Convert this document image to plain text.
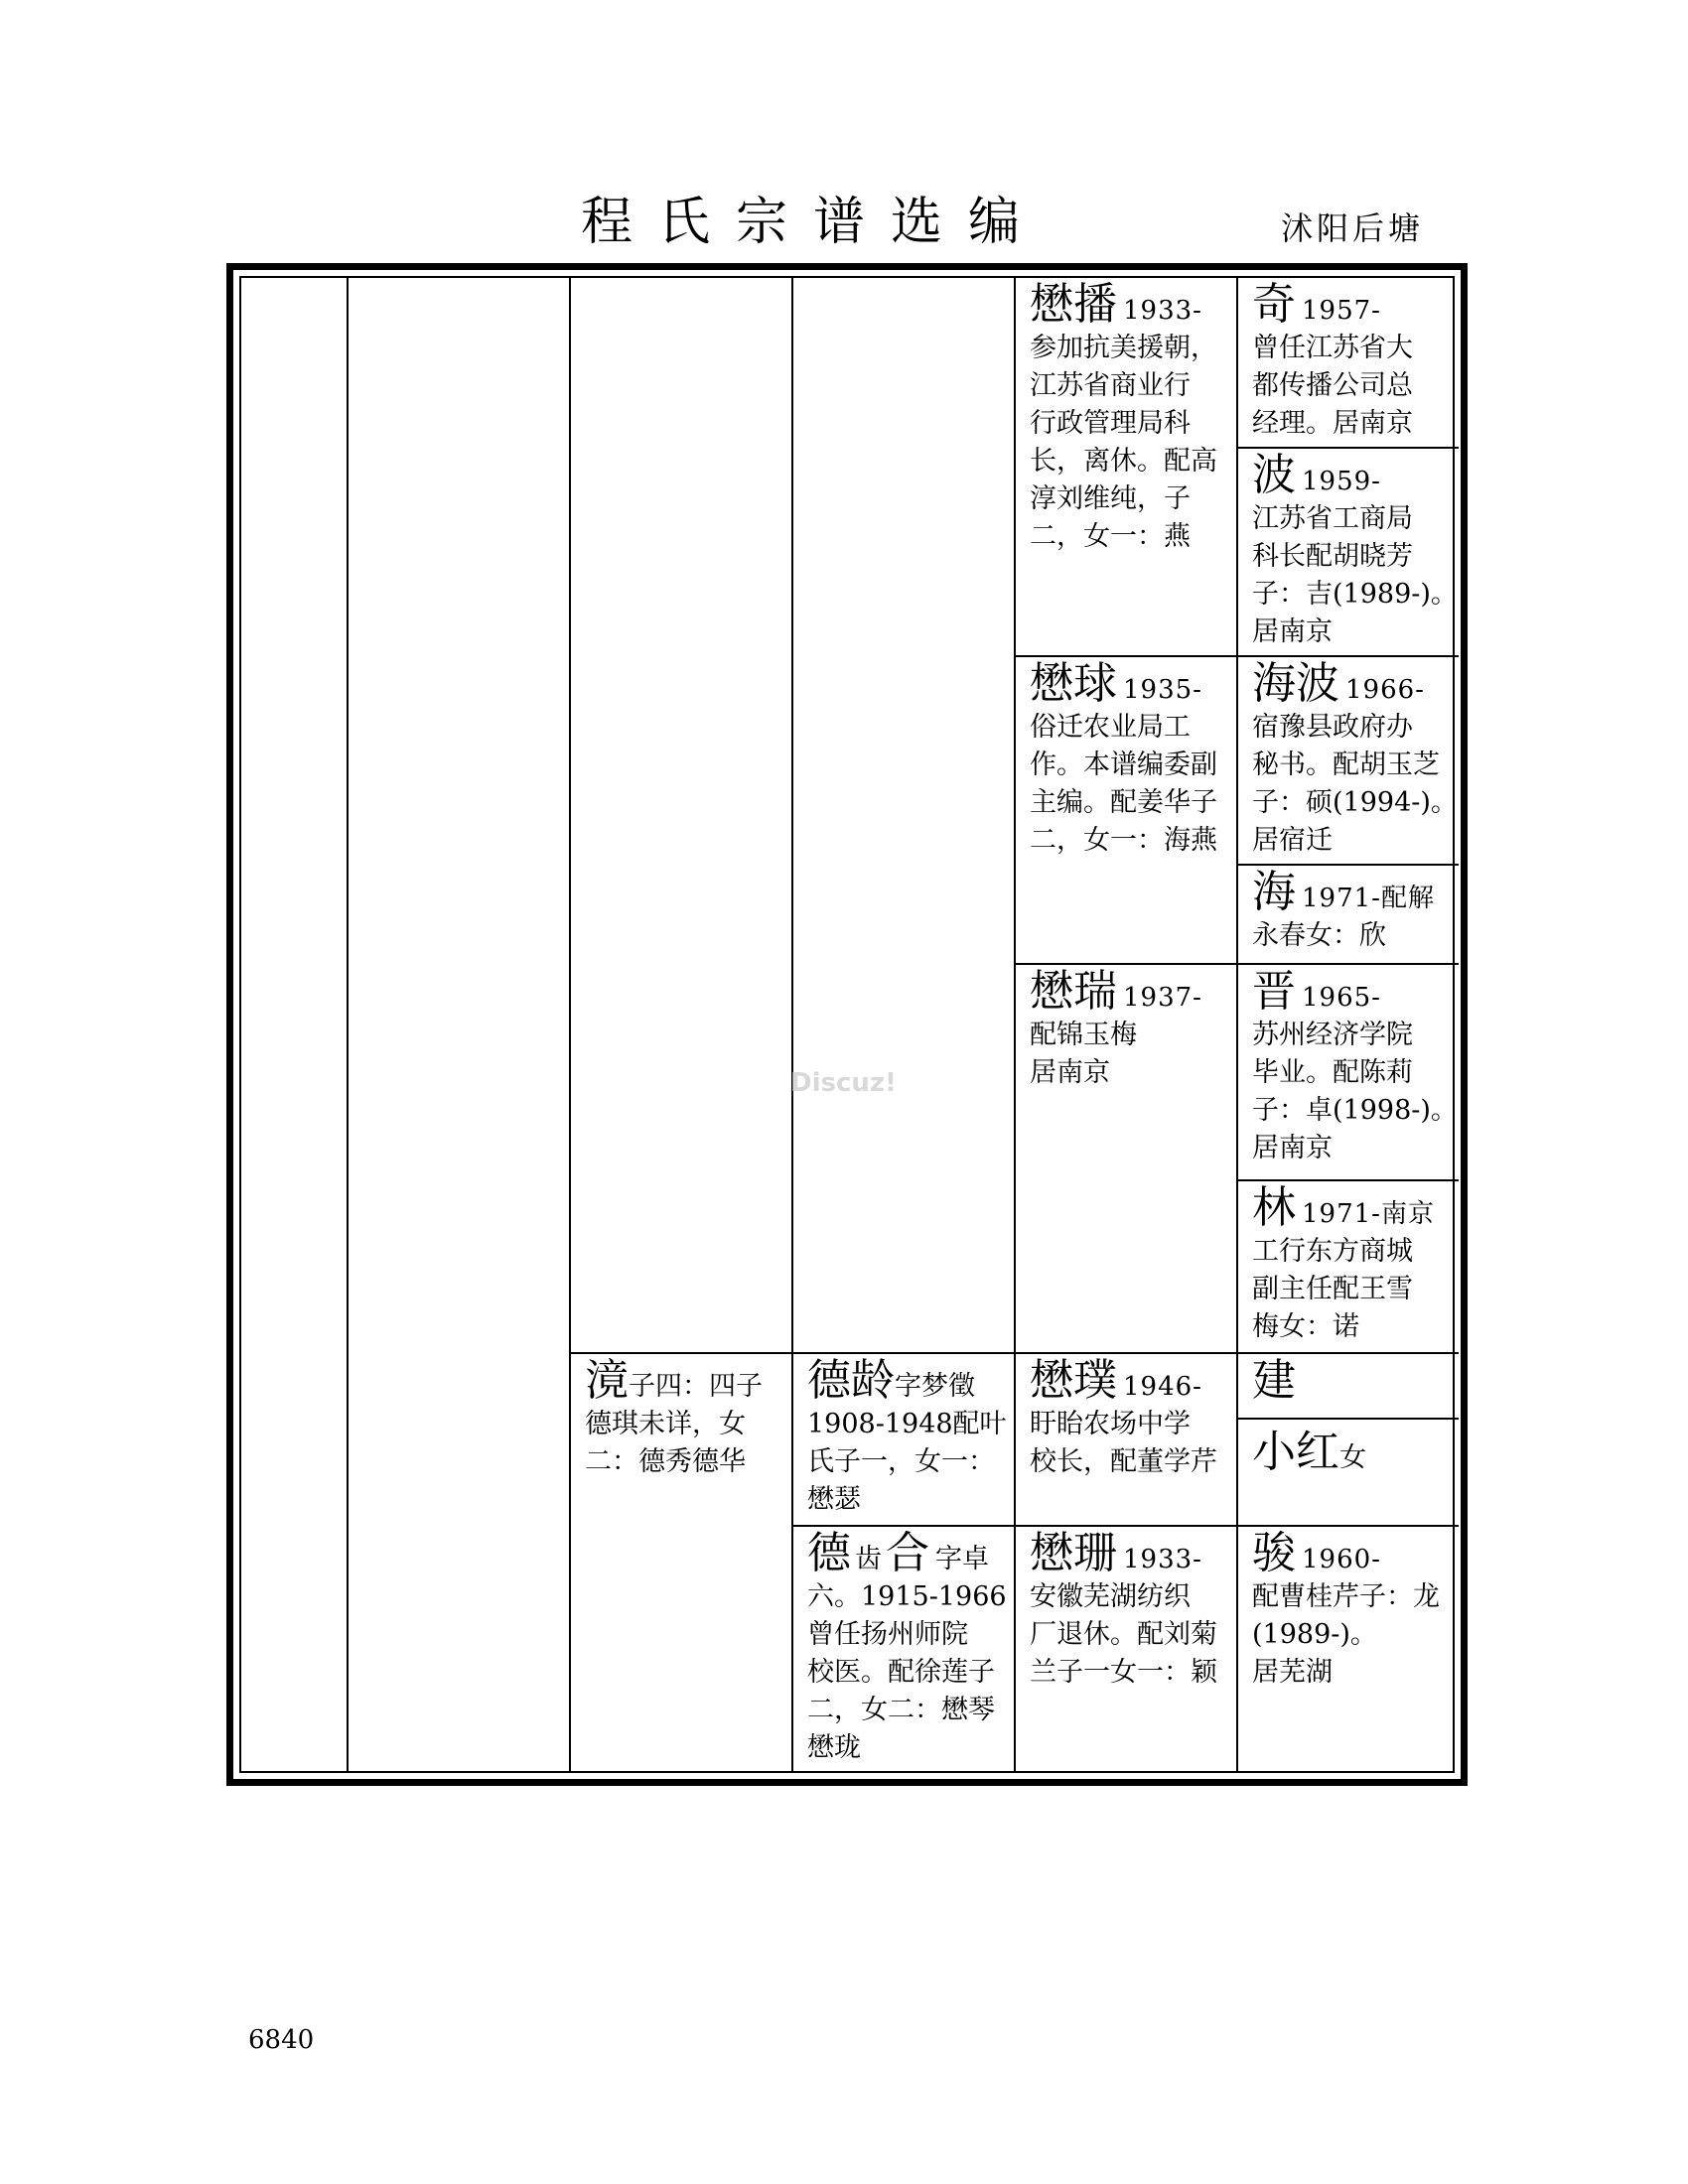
程氏宗谱选编	沭阳后塘
懋播 1933-
参加抗美援朝，
江苏省商业行
行政管理局科
长，离休。配高
淳刘维纯，子
二，女一：燕
奇 1957-
曾任江苏省大
都传播公司总
经理。居南京
波 1959-
江苏省工商局
科长配胡晓芳
子：吉(1989-)。
居南京
懋球 1935-
俗迁农业局工
作。本谱编委副
主编。配姜华子
二，女一：海燕
海波 1966-
宿豫县政府办
秘书。配胡玉芝
子：硕(1994-)。
居宿迁
海 1971-配解
永春女：欣
懋瑞 1937-
配锦玉梅
居南京
晋 1965-
苏州经济学院
毕业。配陈莉
子：卓(1998-)。
居南京
林 1971-南京
工行东方商城
副主任配王雪
梅女：诺
滰子四：四子
德琪未详，女
二：德秀德华
德龄字梦徵
1908-1948配叶
氏子一，女一：
懋瑟
懋璞 1946-
盱眙农场中学
校长，配董学芹
建
小红女
德齿合 字卓
六。1915-1966
曾任扬州师院
校医。配徐莲子
二，女二：懋琴
懋珑
懋珊 1933-
安徽芜湖纺织
厂退休。配刘菊
兰子一女一：颖
骏 1960-
配曹桂芹子：龙
(1989-)。
居芜湖
Discuz!
6840
